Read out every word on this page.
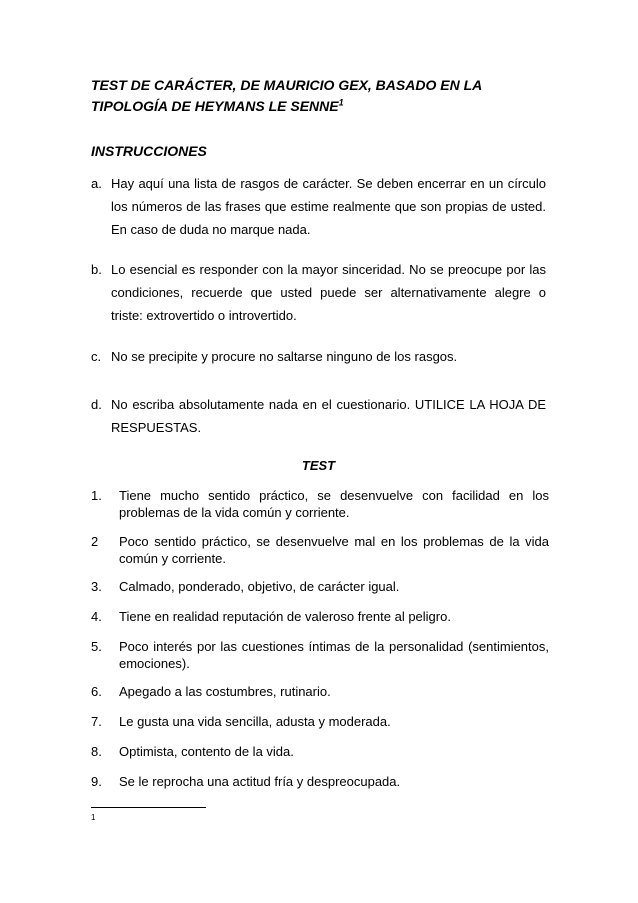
TEST DE CARÁCTER, DE MAURICIO GEX, BASADO EN LA
TIPOLOGÍA DE HEYMANS LE SENNE$^1$
INSTRUCCIONES
a. Hay aquí una lista de rasgos de carácter. Se deben encerrar en un círculo los números de las frases que estime realmente que son propias de usted. En caso de duda no marque nada.
b. Lo esencial es responder con la mayor sinceridad. No se preocupe por las condiciones, recuerde que usted puede ser alternativamente alegre o triste: extrovertido o introvertido.
c. No se precipite y procure no saltarse ninguno de los rasgos.
d. No escriba absolutamente nada en el cuestionario. UTILICE LA HOJA DE RESPUESTAS.
TEST
1.	Tiene mucho sentido práctico, se desenvuelve con facilidad en los problemas de la vida común y corriente.
2	Poco sentido práctico, se desenvuelve mal en los problemas de la vida común y corriente.
3.	Calmado, ponderado, objetivo, de carácter igual.
4.	Tiene en realidad reputación de valeroso frente al peligro.
5.	Poco interés por las cuestiones íntimas de la personalidad (sentimientos, emociones).
6.	Apegado a las costumbres, rutinario.
7.	Le gusta una vida sencilla, adusta y moderada.
8.	Optimista, contento de la vida.
9.	Se le reprocha una actitud fría y despreocupada.
1
